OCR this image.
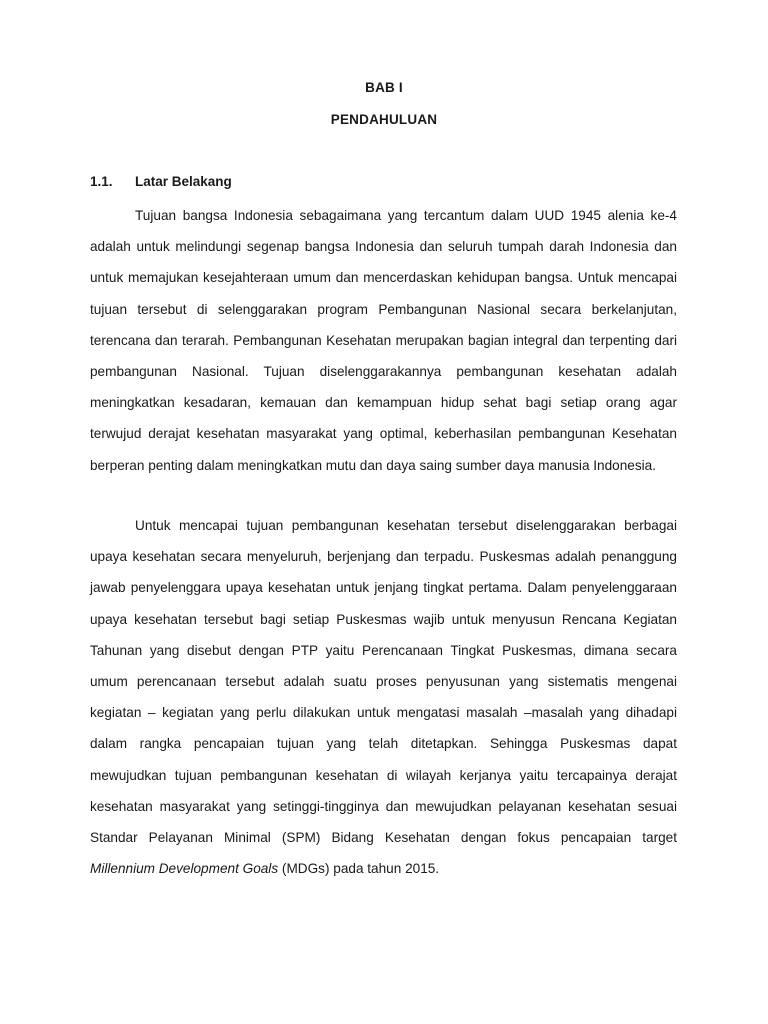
BAB I
PENDAHULUAN
1.1. Latar Belakang

Tujuan bangsa Indonesia sebagaimana yang tercantum dalam UUD 1945 alenia ke-4 adalah untuk melindungi segenap bangsa Indonesia dan seluruh tumpah darah Indonesia dan untuk memajukan kesejahteraan umum dan mencerdaskan kehidupan bangsa. Untuk mencapai tujuan tersebut di selenggarakan program Pembangunan Nasional secara berkelanjutan, terencana dan terarah. Pembangunan Kesehatan merupakan bagian integral dan terpenting dari pembangunan Nasional. Tujuan diselenggarakannya pembangunan kesehatan adalah meningkatkan kesadaran, kemauan dan kemampuan hidup sehat bagi setiap orang agar terwujud derajat kesehatan masyarakat yang optimal, keberhasilan pembangunan Kesehatan berperan penting dalam meningkatkan mutu dan daya saing sumber daya manusia Indonesia.

Untuk mencapai tujuan pembangunan kesehatan tersebut diselenggarakan berbagai upaya kesehatan secara menyeluruh, berjenjang dan terpadu. Puskesmas adalah penanggung jawab penyelenggara upaya kesehatan untuk jenjang tingkat pertama. Dalam penyelenggaraan upaya kesehatan tersebut bagi setiap Puskesmas wajib untuk menyusun Rencana Kegiatan Tahunan yang disebut dengan PTP yaitu Perencanaan Tingkat Puskesmas, dimana secara umum perencanaan tersebut adalah suatu proses penyusunan yang sistematis mengenai kegiatan – kegiatan yang perlu dilakukan untuk mengatasi masalah –masalah yang dihadapi dalam rangka pencapaian tujuan yang telah ditetapkan. Sehingga Puskesmas dapat mewujudkan tujuan pembangunan kesehatan di wilayah kerjanya yaitu tercapainya derajat kesehatan masyarakat yang setinggi-tingginya dan mewujudkan pelayanan kesehatan sesuai Standar Pelayanan Minimal (SPM) Bidang Kesehatan dengan fokus pencapaian target Millennium Development Goals (MDGs) pada tahun 2015.
